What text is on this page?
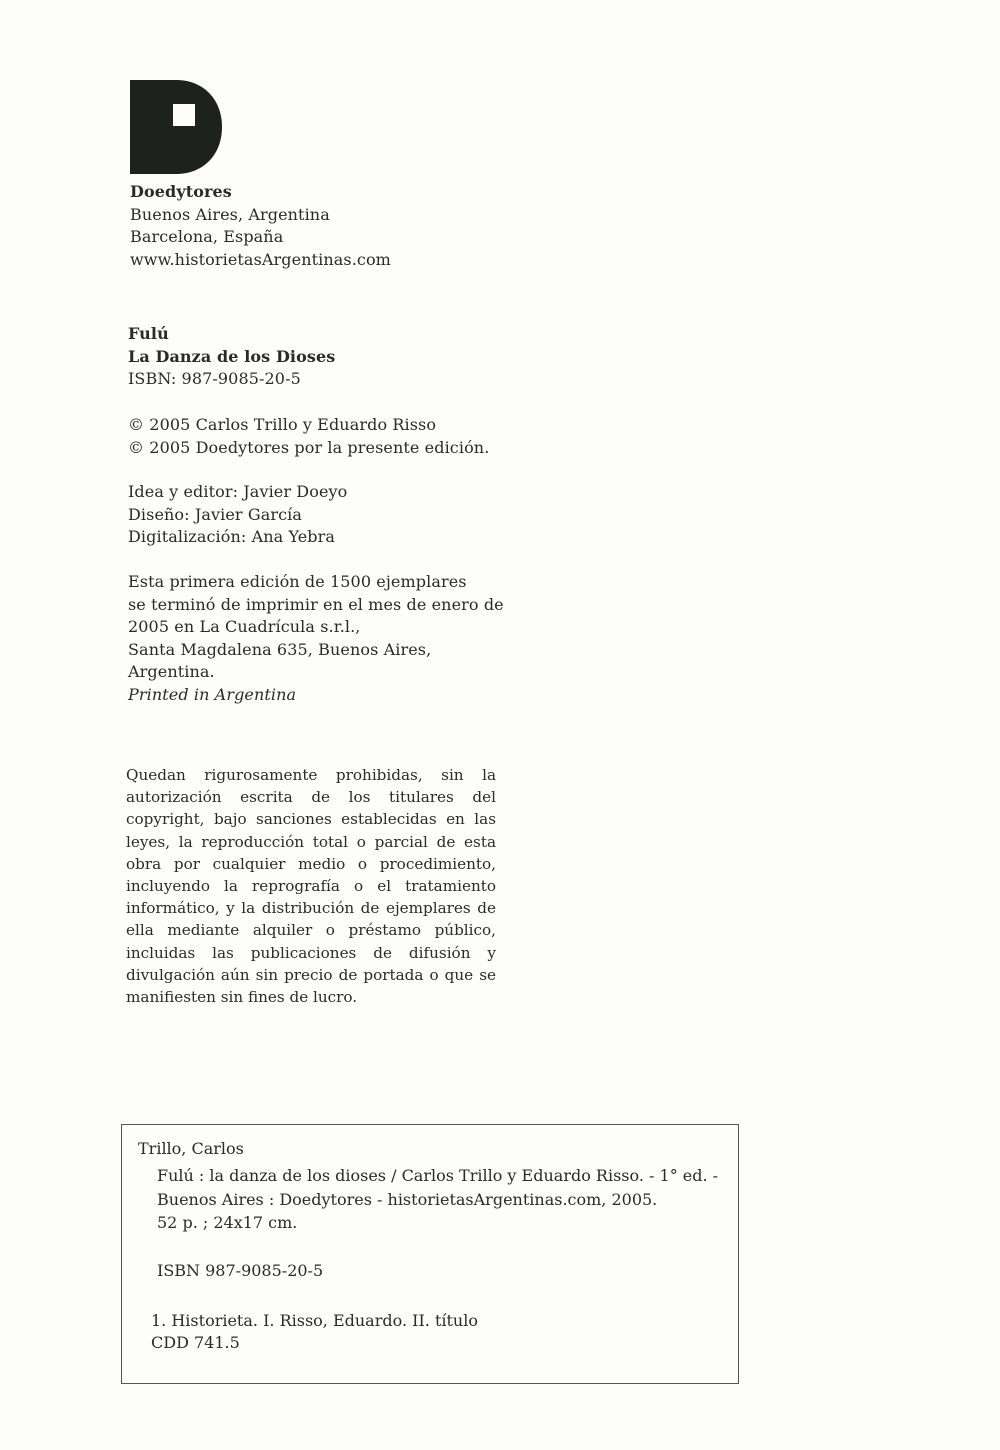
Doedytores
Buenos Aires, Argentina
Barcelona, España
www.historietasArgentinas.com
Fulú
La Danza de los Dioses
ISBN: 987-9085-20-5
© 2005 Carlos Trillo y Eduardo Risso
© 2005 Doedytores por la presente edición.
Idea y editor: Javier Doeyo
Diseño: Javier García
Digitalización: Ana Yebra
Esta primera edición de 1500 ejemplares
se terminó de imprimir en el mes de enero de
2005 en La Cuadrícula s.r.l.,
Santa Magdalena 635, Buenos Aires,
Argentina.
Printed in Argentina
Quedan rigurosamente prohibidas, sin la autorización escrita de los titulares del copyright, bajo sanciones establecidas en las leyes, la reproducción total o parcial de esta obra por cualquier medio o procedimiento, incluyendo la reprografía o el tratamiento informático, y la distribución de ejemplares de ella mediante alquiler o préstamo público, incluidas las publicaciones de difusión y divulgación aún sin precio de portada o que se manifiesten sin fines de lucro.
Trillo, Carlos
Fulú : la danza de los dioses / Carlos Trillo y Eduardo Risso. - 1° ed. -
Buenos Aires : Doedytores - historietasArgentinas.com, 2005.
52 p. ; 24x17 cm.
ISBN 987-9085-20-5
1. Historieta. I. Risso, Eduardo. II. título
CDD 741.5
